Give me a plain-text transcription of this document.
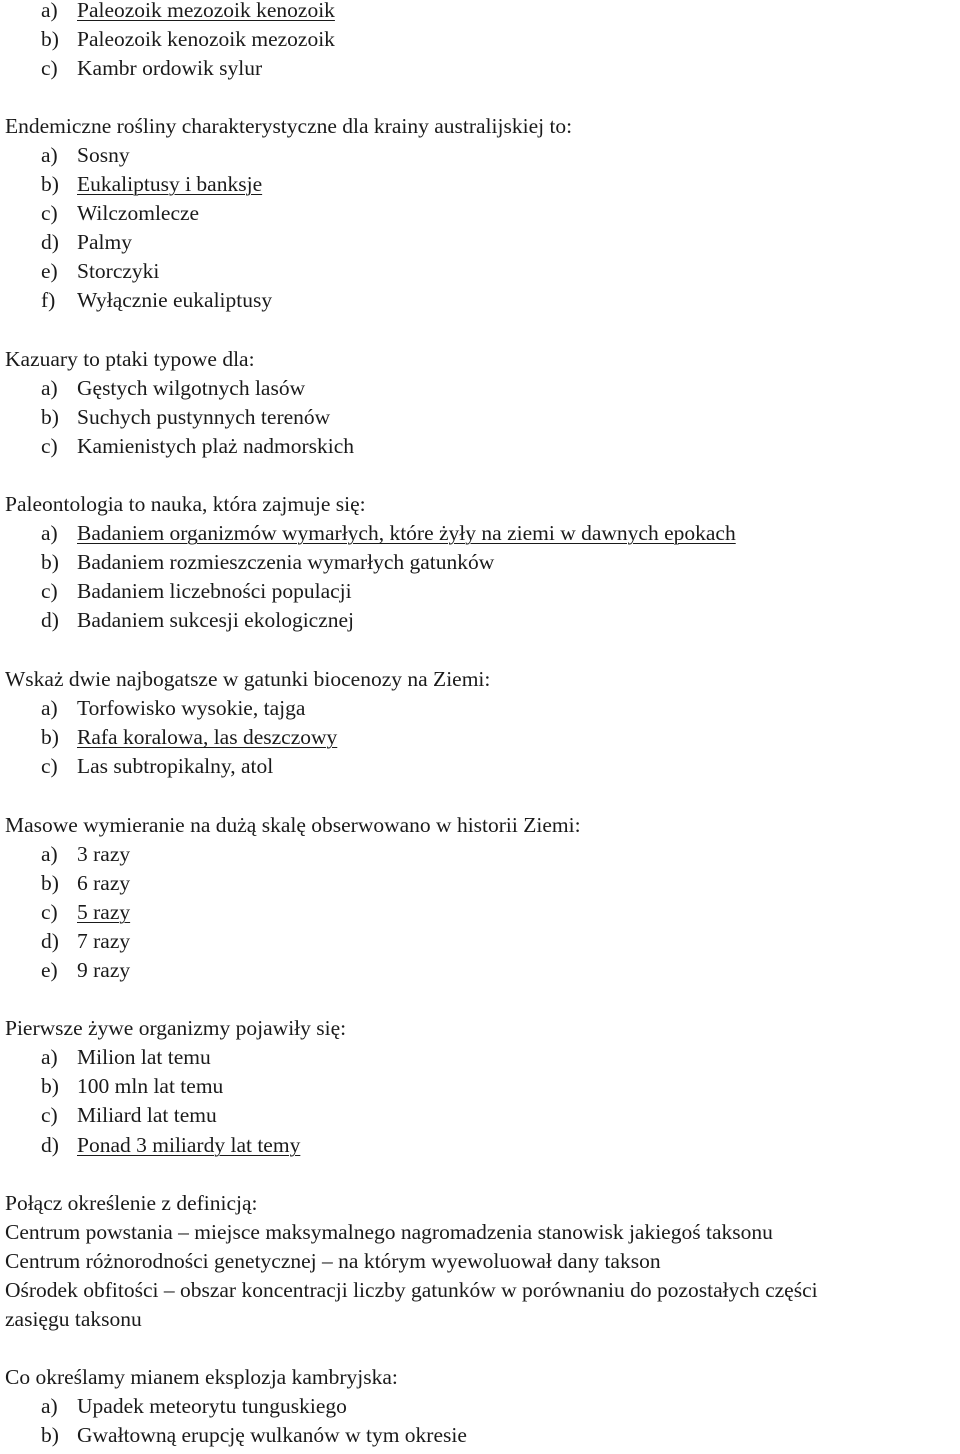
a) Paleozoik mezozoik kenozoik
b) Paleozoik kenozoik mezozoik
c) Kambr ordowik sylur
Endemiczne rośliny charakterystyczne dla krainy australijskiej to:
a) Sosny
b) Eukaliptusy i banksje
c) Wilczomlecze
d) Palmy
e) Storczyki
f) Wyłącznie eukaliptusy
Kazuary to ptaki typowe dla:
a) Gęstych wilgotnych lasów
b) Suchych pustynnych terenów
c) Kamienistych plaż nadmorskich
Paleontologia to nauka, która zajmuje się:
a) Badaniem organizmów wymarłych, które żyły na ziemi w dawnych epokach
b) Badaniem rozmieszczenia wymarłych gatunków
c) Badaniem liczebności populacji
d) Badaniem sukcesji ekologicznej
Wskaż dwie najbogatsze w gatunki biocenozy na Ziemi:
a) Torfowisko wysokie, tajga
b) Rafa koralowa, las deszczowy
c) Las subtropikalny, atol
Masowe wymieranie na dużą skalę obserwowano w historii Ziemi:
a) 3 razy
b) 6 razy
c) 5 razy
d) 7 razy
e) 9 razy
Pierwsze żywe organizmy pojawiły się:
a) Milion lat temu
b) 100 mln lat temu
c) Miliard lat temu
d) Ponad 3 miliardy lat temy
Połącz określenie z definicją:
Centrum powstania – miejsce maksymalnego nagromadzenia stanowisk jakiegoś taksonu
Centrum różnorodności genetycznej – na którym wyewoluował dany takson
Ośrodek obfitości – obszar koncentracji liczby gatunków w porównaniu do pozostałych części
zasięgu taksonu
Co określamy mianem eksplozja kambryjska:
a) Upadek meteorytu tunguskiego
b) Gwałtowną erupcję wulkanów w tym okresie
